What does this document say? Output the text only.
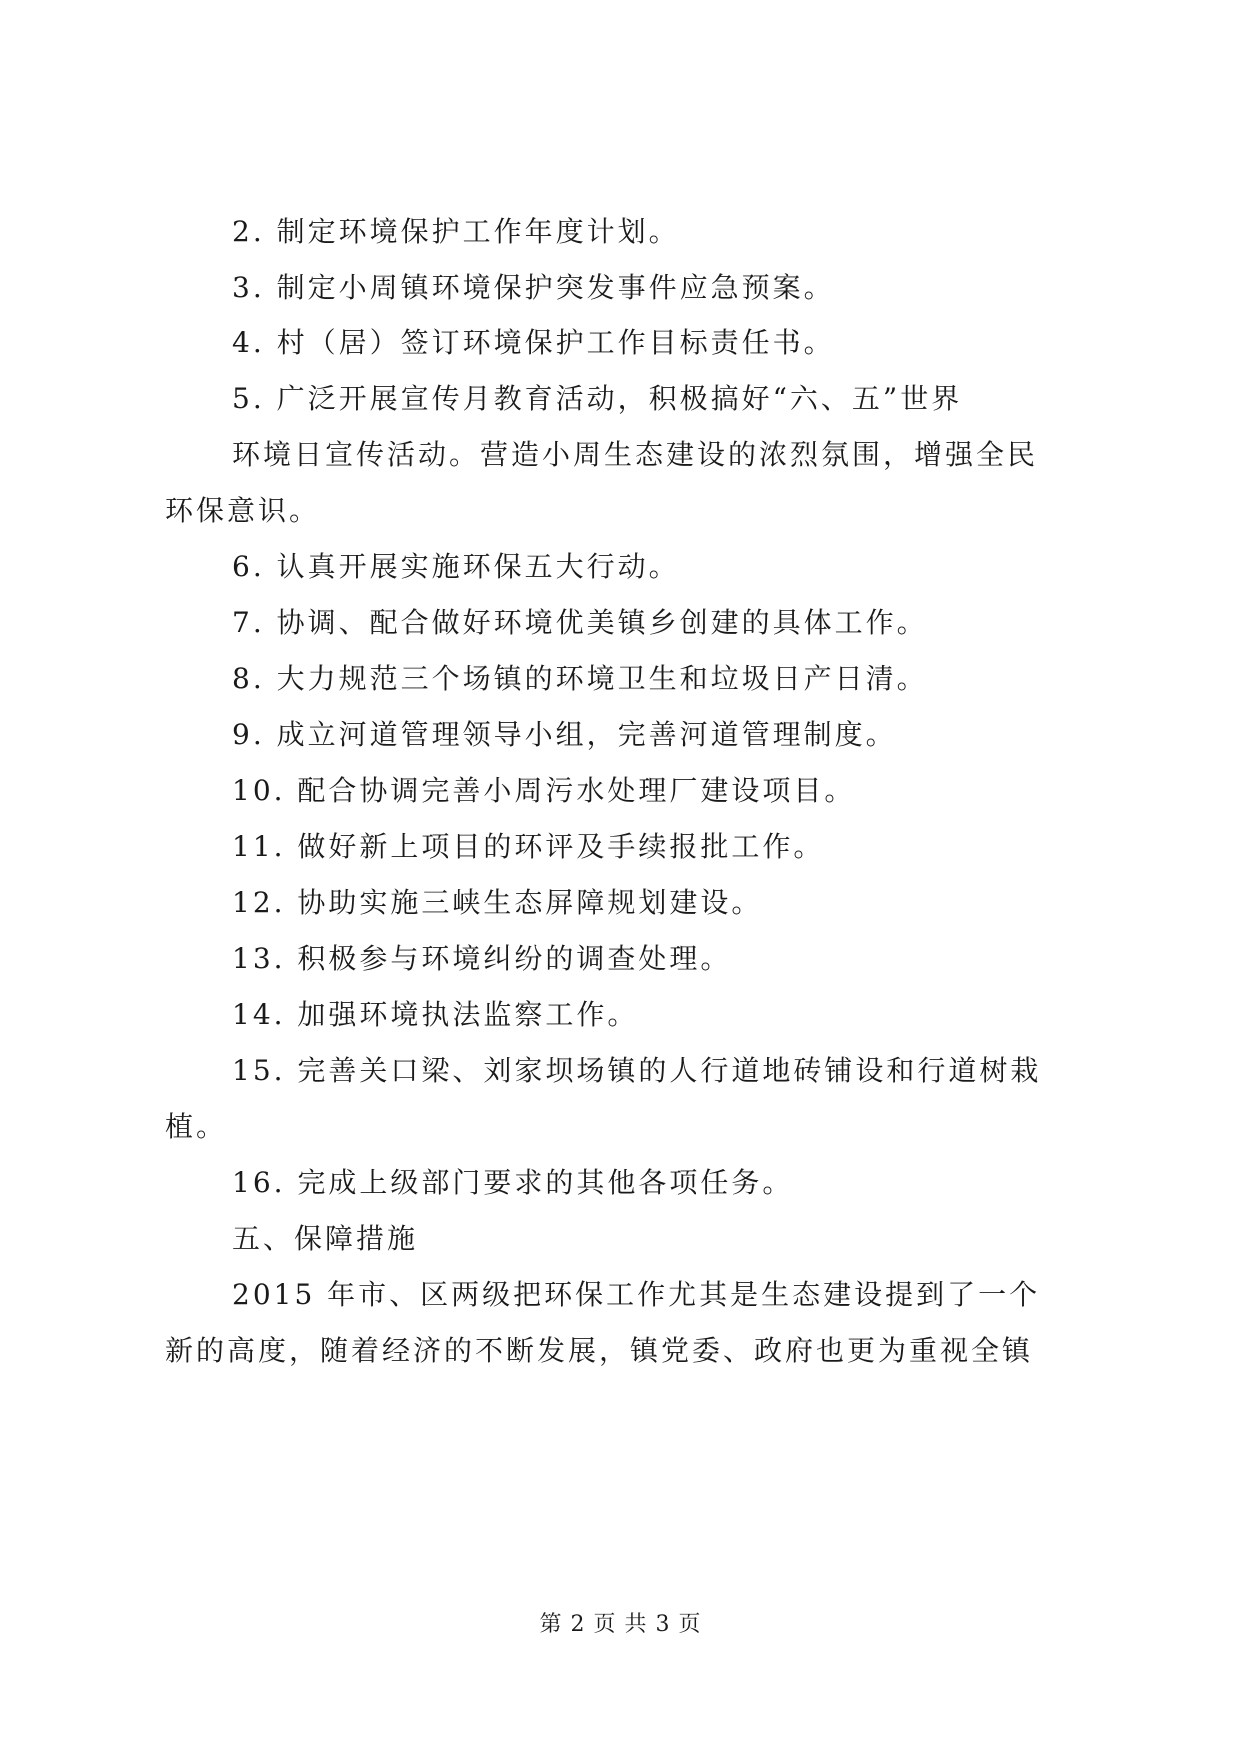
2. 制定环境保护工作年度计划。
3. 制定小周镇环境保护突发事件应急预案。
4. 村（居）签订环境保护工作目标责任书。
5. 广泛开展宣传月教育活动，积极搞好“六、五”世界
环境日宣传活动。营造小周生态建设的浓烈氛围，增强全民
环保意识。
6. 认真开展实施环保五大行动。
7. 协调、配合做好环境优美镇乡创建的具体工作。
8. 大力规范三个场镇的环境卫生和垃圾日产日清。
9. 成立河道管理领导小组，完善河道管理制度。
10. 配合协调完善小周污水处理厂建设项目。
11. 做好新上项目的环评及手续报批工作。
12. 协助实施三峡生态屏障规划建设。
13. 积极参与环境纠纷的调查处理。
14. 加强环境执法监察工作。
15. 完善关口梁、刘家坝场镇的人行道地砖铺设和行道树栽
植。
16. 完成上级部门要求的其他各项任务。
五、保障措施
2015 年市、区两级把环保工作尤其是生态建设提到了一个
新的高度，随着经济的不断发展，镇党委、政府也更为重视全镇
第 2 页 共 3 页
